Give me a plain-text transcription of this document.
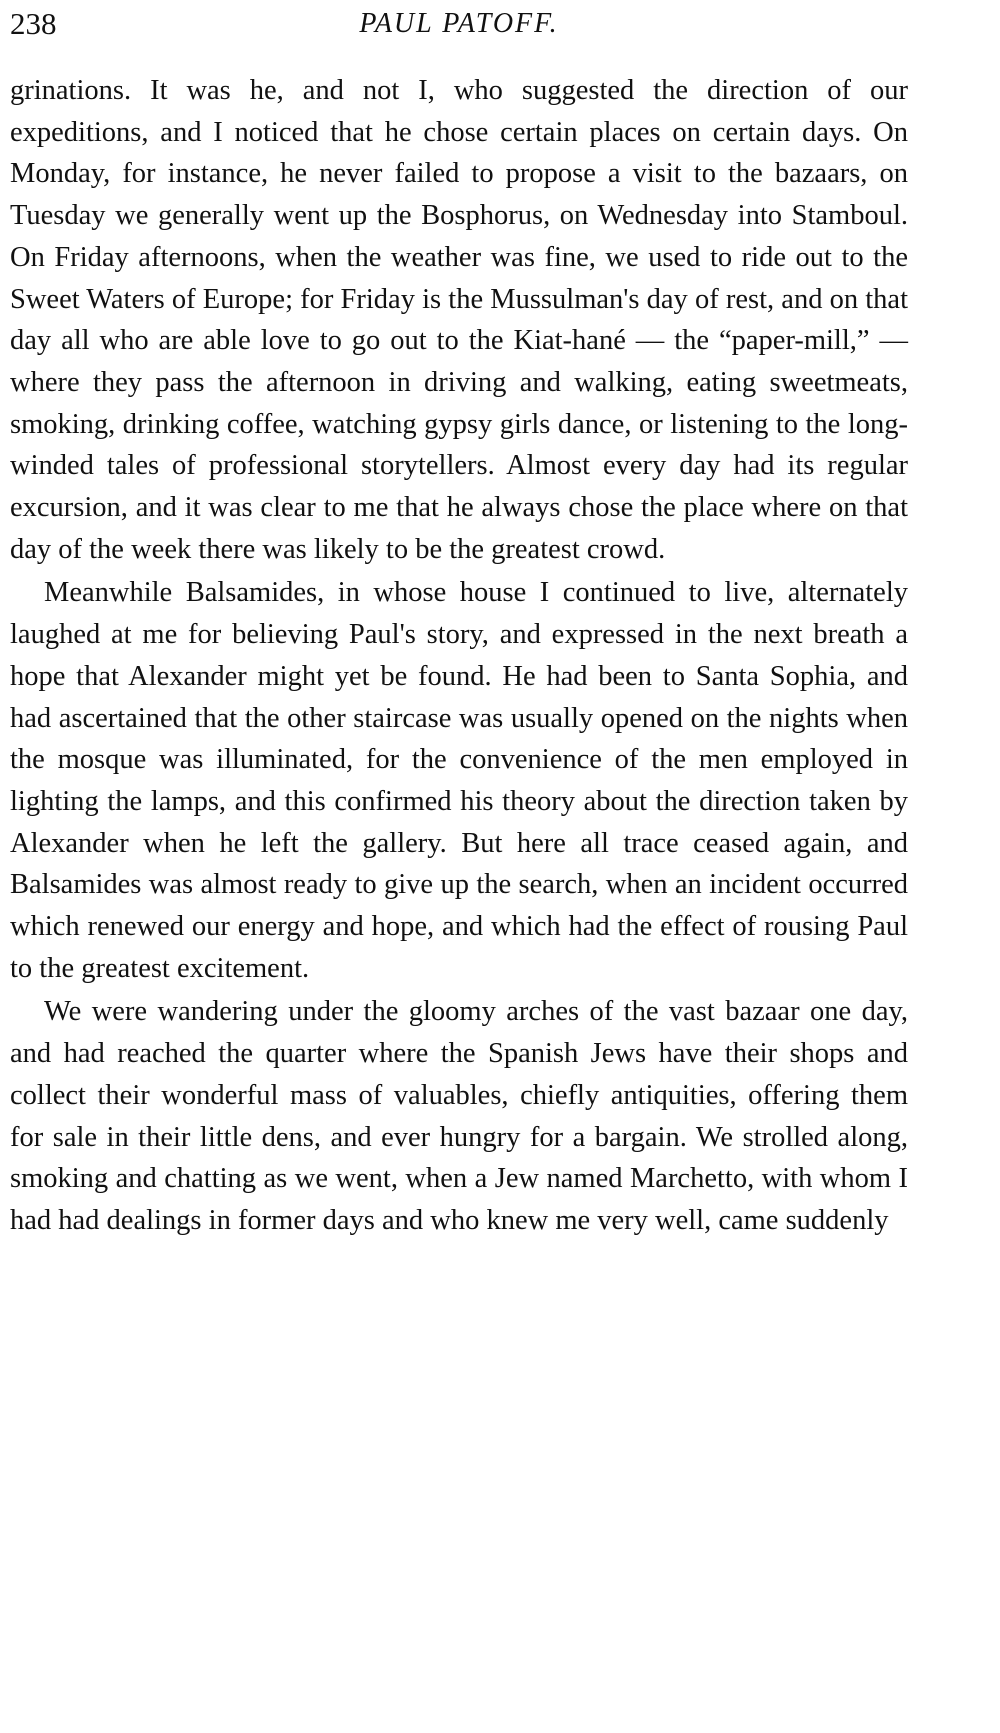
238	PAUL PATOFF.

grinations. It was he, and not I, who suggested the direction of our expeditions, and I noticed that he chose certain places on certain days. On Monday, for instance, he never failed to propose a visit to the bazaars, on Tuesday we generally went up the Bosphorus, on Wednesday into Stamboul. On Friday afternoons, when the weather was fine, we used to ride out to the Sweet Waters of Europe; for Friday is the Mussulman's day of rest, and on that day all who are able love to go out to the Kiat-hané — the “paper-mill,” — where they pass the afternoon in driving and walking, eating sweetmeats, smoking, drinking coffee, watching gypsy girls dance, or listening to the long-winded tales of professional storytellers. Almost every day had its regular excursion, and it was clear to me that he always chose the place where on that day of the week there was likely to be the greatest crowd.

Meanwhile Balsamides, in whose house I continued to live, alternately laughed at me for believing Paul's story, and expressed in the next breath a hope that Alexander might yet be found. He had been to Santa Sophia, and had ascertained that the other staircase was usually opened on the nights when the mosque was illuminated, for the convenience of the men employed in lighting the lamps, and this confirmed his theory about the direction taken by Alexander when he left the gallery. But here all trace ceased again, and Balsamides was almost ready to give up the search, when an incident occurred which renewed our energy and hope, and which had the effect of rousing Paul to the greatest excitement.

We were wandering under the gloomy arches of the vast bazaar one day, and had reached the quarter where the Spanish Jews have their shops and collect their wonderful mass of valuables, chiefly antiquities, offering them for sale in their little dens, and ever hungry for a bargain. We strolled along, smoking and chatting as we went, when a Jew named Marchetto, with whom I had had dealings in former days and who knew me very well, came suddenly
